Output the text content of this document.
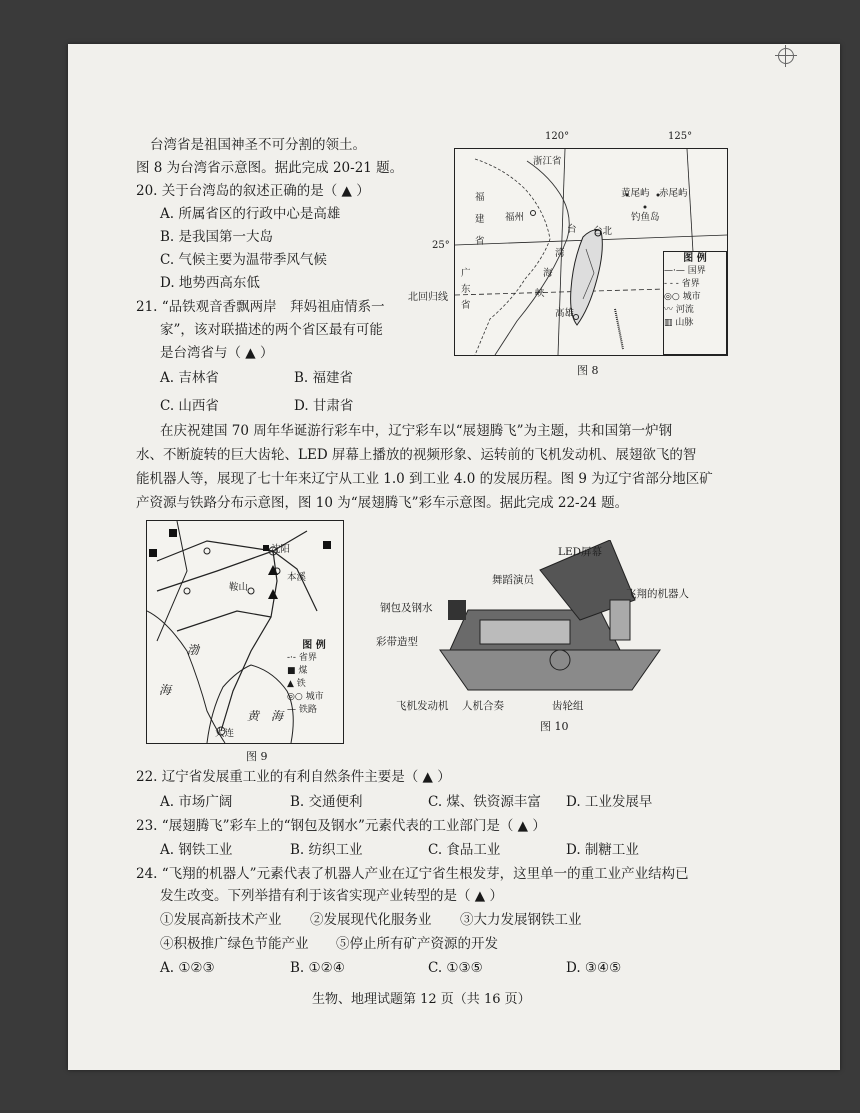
台湾省是祖国神圣不可分割的领土。
图 8 为台湾省示意图。据此完成 20-21 题。
20. 关于台湾岛的叙述正确的是（ ▲ ）
A. 所属省区的行政中心是高雄
B. 是我国第一大岛
C. 气候主要为温带季风气候
D. 地势西高东低
21. “品铁观音香飘两岸　拜妈祖庙情系一
家”，该对联描述的两个省区最有可能
是台湾省与（ ▲ ）
A. 吉林省	B. 福建省
C. 山西省	D. 甘肃省
120°	125°
浙江省
福
建
省
福州
黄尾屿 赤尾屿
钓鱼岛
台 台北
湾
海
峡
广
东
省
高雄
图 例
—·— 国界
- - - 省界
◎○ 城市
〰 河流
▥ 山脉
25°
北回归线
图 8
在庆祝建国 70 周年华诞游行彩车中，辽宁彩车以“展翅腾飞”为主题，共和国第一炉钢
水、不断旋转的巨大齿轮、LED 屏幕上播放的视频形象、运转前的飞机发动机、展翅欲飞的智
能机器人等，展现了七十年来辽宁从工业 1.0 到工业 4.0 的发展历程。图 9 为辽宁省部分地区矿
产资源与铁路分布示意图，图 10 为“展翅腾飞”彩车示意图。据此完成 22-24 题。
沈阳
本溪
鞍山
渤
海
黄 海
大连
图 例
-·- 省界
■ 煤
▲ 铁
◎○ 城市
— 铁路
图 9
LED屏幕
舞蹈演员
飞翔的机器人
钢包及钢水
彩带造型
飞机发动机 人机合奏	齿轮组
图 10
22. 辽宁省发展重工业的有利自然条件主要是（ ▲ ）
A. 市场广阔	B. 交通便利	C. 煤、铁资源丰富 D. 工业发展早
23. “展翅腾飞”彩车上的“钢包及钢水”元素代表的工业部门是（ ▲ ）
A. 钢铁工业	B. 纺织工业	C. 食品工业	D. 制糖工业
24. “飞翔的机器人”元素代表了机器人产业在辽宁省生根发芽，这里单一的重工业产业结构已
发生改变。下列举措有利于该省实现产业转型的是（ ▲ ）
①发展高新技术产业 ②发展现代化服务业 ③大力发展钢铁工业
④积极推广绿色节能产业 ⑤停止所有矿产资源的开发
A. ①②③	B. ①②④	C. ①③⑤	D. ③④⑤
生物、地理试题第 12 页（共 16 页）
